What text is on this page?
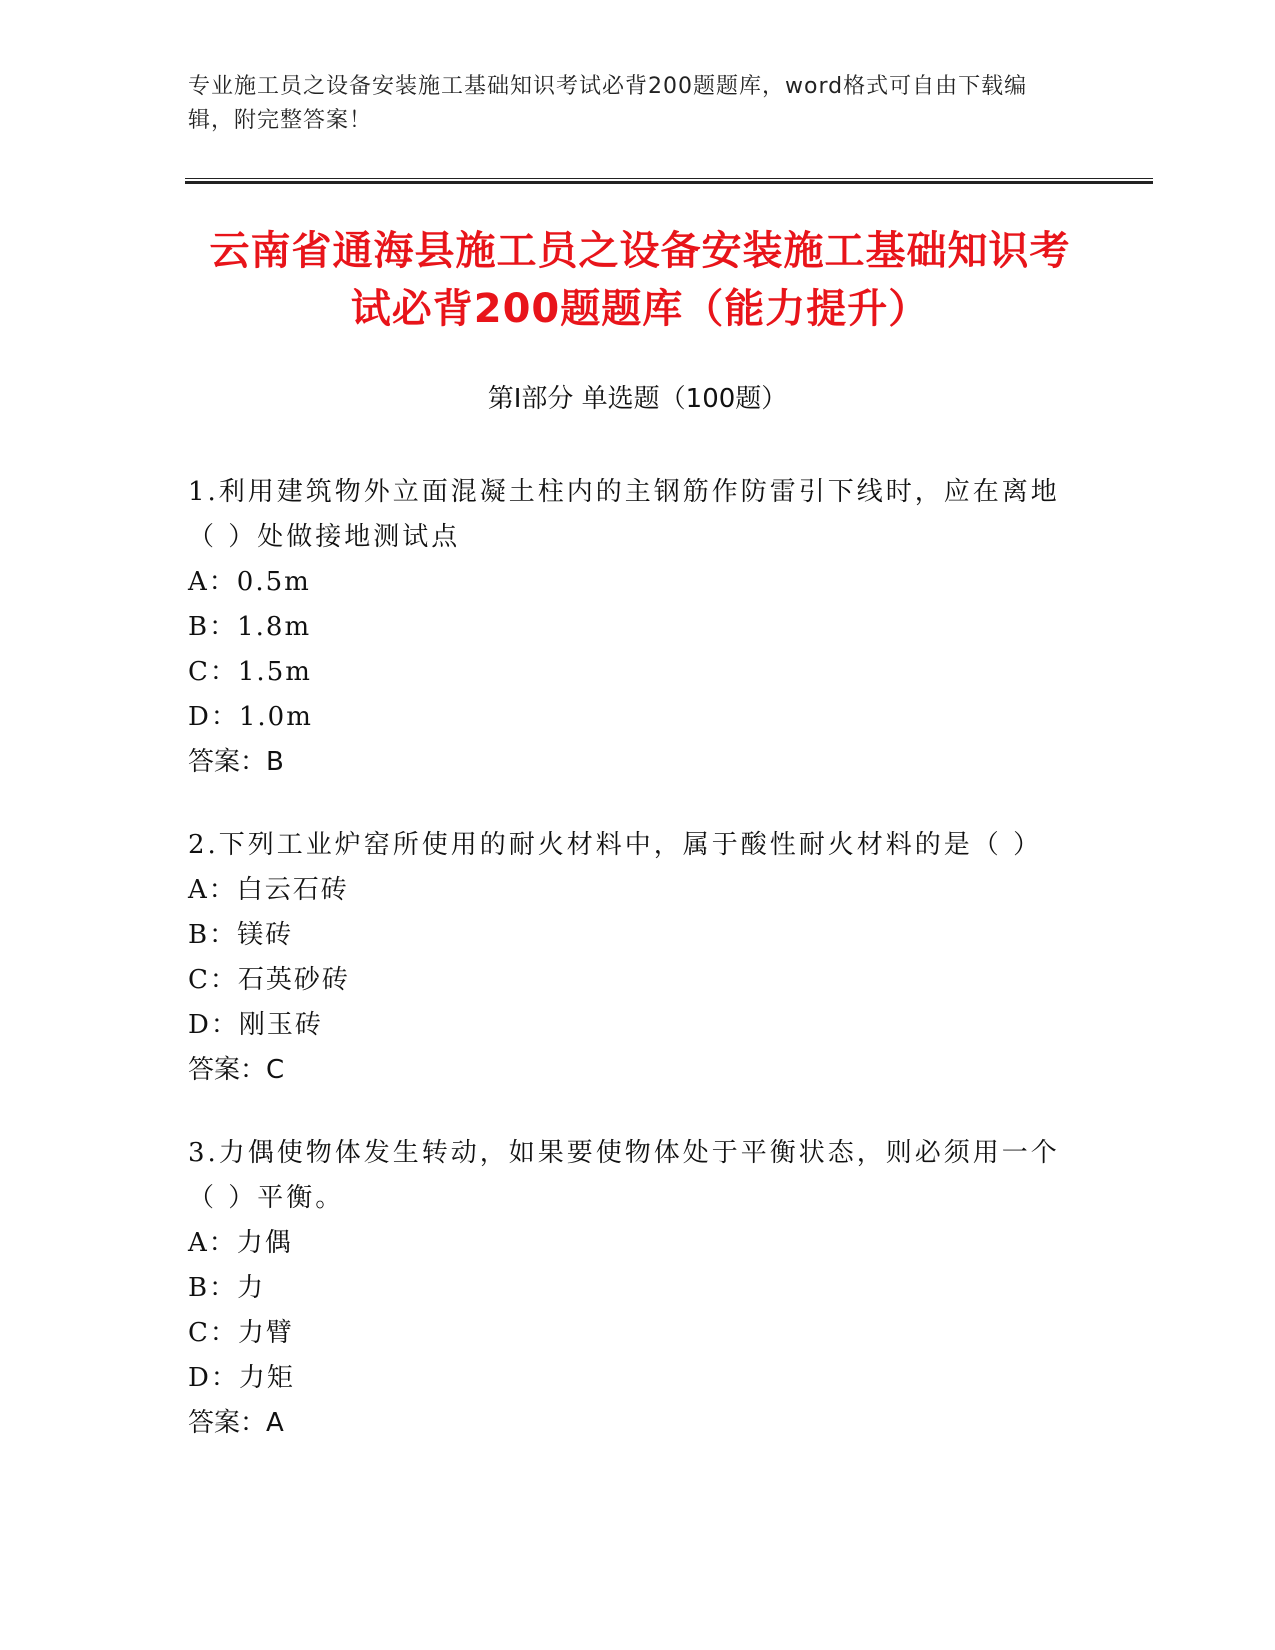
专业施工员之设备安装施工基础知识考试必背200题题库，word格式可自由下载编辑，附完整答案！
云南省通海县施工员之设备安装施工基础知识考试必背200题题库（能力提升）
第Ⅰ部分 单选题（100题）
1.利用建筑物外立面混凝土柱内的主钢筋作防雷引下线时，应在离地（ ）处做接地测试点
A：0.5m
B：1.8m
C：1.5m
D：1.0m
答案：B
2.下列工业炉窑所使用的耐火材料中，属于酸性耐火材料的是（ ）
A：白云石砖
B：镁砖
C：石英砂砖
D：刚玉砖
答案：C
3.力偶使物体发生转动，如果要使物体处于平衡状态，则必须用一个（ ）平衡。
A：力偶
B：力
C：力臂
D：力矩
答案：A
